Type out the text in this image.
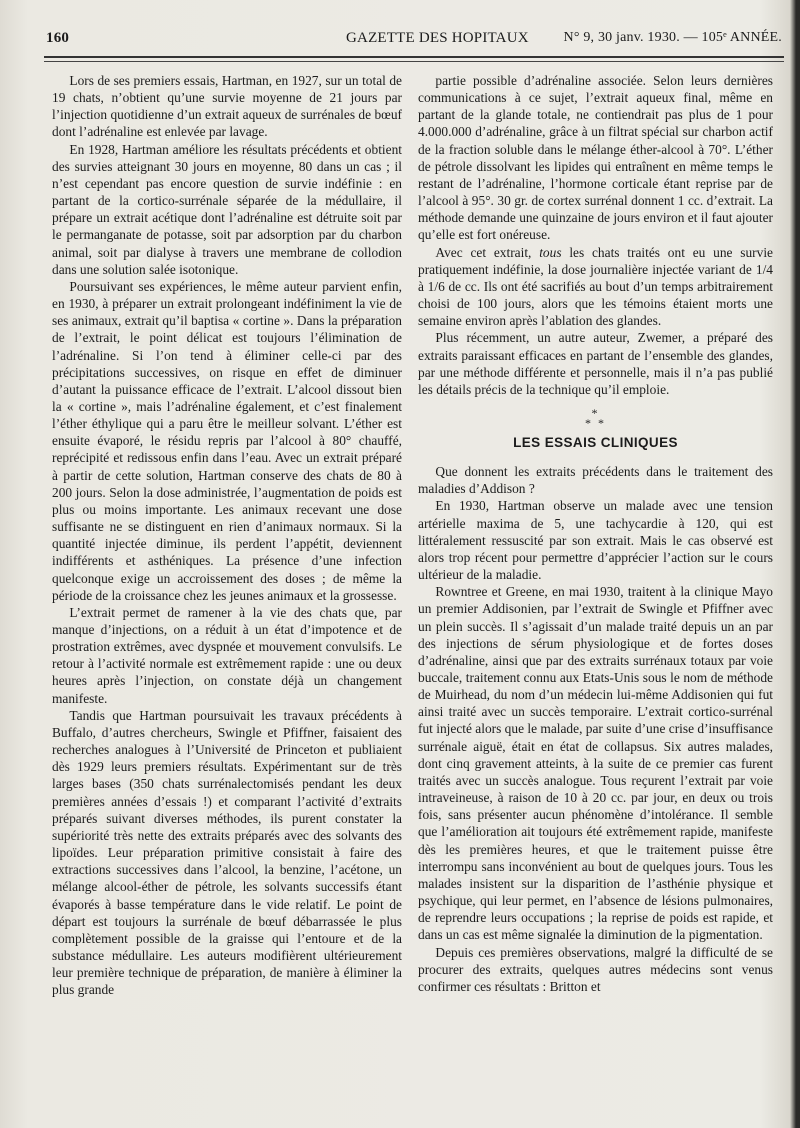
160	GAZETTE DES HOPITAUX N° 9, 30 janv. 1930. — 105ᵉ ANNÉE.

Lors de ses premiers essais, Hartman, en 1927, sur un total de 19 chats, n’obtient qu’une survie moyenne de 21 jours par l’injection quotidienne d’un extrait aqueux de surrénales de bœuf dont l’adrénaline est enlevée par lavage.

En 1928, Hartman améliore les résultats précédents et obtient des survies atteignant 30 jours en moyenne, 80 dans un cas ; il n’est cependant pas encore question de survie indéfinie : en partant de la cortico-surrénale séparée de la médullaire, il prépare un extrait acétique dont l’adrénaline est détruite soit par le permanganate de potasse, soit par adsorption par du charbon animal, soit par dialyse à travers une membrane de collodion dans une solution salée isotonique.

Poursuivant ses expériences, le même auteur parvient enfin, en 1930, à préparer un extrait prolongeant indéfiniment la vie de ses animaux, extrait qu’il baptisa « cortine ». Dans la préparation de l’extrait, le point délicat est toujours l’élimination de l’adrénaline. Si l’on tend à éliminer celle-ci par des précipitations successives, on risque en effet de diminuer d’autant la puissance efficace de l’extrait. L’alcool dissout bien la « cortine », mais l’adrénaline également, et c’est finalement l’éther éthylique qui a paru être le meilleur solvant. L’éther est ensuite évaporé, le résidu repris par l’alcool à 80° chauffé, reprécipité et redissous enfin dans l’eau. Avec un extrait préparé à partir de cette solution, Hartman conserve des chats de 80 à 200 jours. Selon la dose administrée, l’augmentation de poids est plus ou moins importante. Les animaux recevant une dose suffisante ne se distinguent en rien d’animaux normaux. Si la quantité injectée diminue, ils perdent l’appétit, deviennent indifférents et asthéniques. La présence d’une infection quelconque exige un accroissement des doses ; de même la période de la croissance chez les jeunes animaux et la grossesse.

L’extrait permet de ramener à la vie des chats que, par manque d’injections, on a réduit à un état d’impotence et de prostration extrêmes, avec dyspnée et mouvement convulsifs. Le retour à l’activité normale est extrêmement rapide : une ou deux heures après l’injection, on constate déjà un changement manifeste.

Tandis que Hartman poursuivait les travaux précédents à Buffalo, d’autres chercheurs, Swingle et Pfiffner, faisaient des recherches analogues à l’Université de Princeton et publiaient dès 1929 leurs premiers résultats. Expérimentant sur de très larges bases (350 chats surrénalectomisés pendant les deux premières années d’essais !) et comparant l’activité d’extraits préparés suivant diverses méthodes, ils purent constater la supériorité très nette des extraits préparés avec des solvants des lipoïdes. Leur préparation primitive consistait à faire des extractions successives dans l’alcool, la benzine, l’acétone, un mélange alcool-éther de pétrole, les solvants successifs étant évaporés à basse température dans le vide relatif. Le point de départ est toujours la surrénale de bœuf débarrassée le plus complètement possible de la graisse qui l’entoure et de la substance médullaire. Les auteurs modifièrent ultérieurement leur première technique de préparation, de manière à éliminer la plus grande

partie possible d’adrénaline associée. Selon leurs dernières communications à ce sujet, l’extrait aqueux final, même en partant de la glande totale, ne contiendrait pas plus de 1 pour 4.000.000 d’adrénaline, grâce à un filtrat spécial sur charbon actif de la fraction soluble dans le mélange éther-alcool à 70°. L’éther de pétrole dissolvant les lipides qui entraînent en même temps le restant de l’adrénaline, l’hormone corticale étant reprise par de l’alcool à 95°. 30 gr. de cortex surrénal donnent 1 cc. d’extrait. La méthode demande une quinzaine de jours environ et il faut ajouter qu’elle est fort onéreuse.

Avec cet extrait, tous les chats traités ont eu une survie pratiquement indéfinie, la dose journalière injectée variant de 1/4 à 1/6 de cc. Ils ont été sacrifiés au bout d’un temps arbitrairement choisi de 100 jours, alors que les témoins étaient morts une semaine environ après l’ablation des glandes.

Plus récemment, un autre auteur, Zwemer, a préparé des extraits paraissant efficaces en partant de l’ensemble des glandes, par une méthode différente et personnelle, mais il n’a pas publié les détails précis de la technique qu’il emploie.

*
* *
LES ESSAIS CLINIQUES

Que donnent les extraits précédents dans le traitement des maladies d’Addison ?

En 1930, Hartman observe un malade avec une tension artérielle maxima de 5, une tachycardie à 120, qui est littéralement ressuscité par son extrait. Mais le cas observé est alors trop récent pour permettre d’apprécier l’action sur le cours ultérieur de la maladie.

Rowntree et Greene, en mai 1930, traitent à la clinique Mayo un premier Addisonien, par l’extrait de Swingle et Pfiffner avec un plein succès. Il s’agissait d’un malade traité depuis un an par des injections de sérum physiologique et de fortes doses d’adrénaline, ainsi que par des extraits surrénaux totaux par voie buccale, traitement connu aux Etats-Unis sous le nom de méthode de Muirhead, du nom d’un médecin lui-même Addisonien qui fut ainsi traité avec un succès temporaire. L’extrait cortico-surrénal fut injecté alors que le malade, par suite d’une crise d’insuffisance surrénale aiguë, était en état de collapsus. Six autres malades, dont cinq gravement atteints, à la suite de ce premier cas furent traités avec un succès analogue. Tous reçurent l’extrait par voie intraveineuse, à raison de 10 à 20 cc. par jour, en deux ou trois fois, sans présenter aucun phénomène d’intolérance. Il semble que l’amélioration ait toujours été extrêmement rapide, manifeste dès les premières heures, et que le traitement puisse être interrompu sans inconvénient au bout de quelques jours. Tous les malades insistent sur la disparition de l’asthénie physique et psychique, qui leur permet, en l’absence de lésions pulmonaires, de reprendre leurs occupations ; la reprise de poids est rapide, et dans un cas est même signalée la diminution de la pigmentation.

Depuis ces premières observations, malgré la difficulté de se procurer des extraits, quelques autres médecins sont venus confirmer ces résultats : Britton et
